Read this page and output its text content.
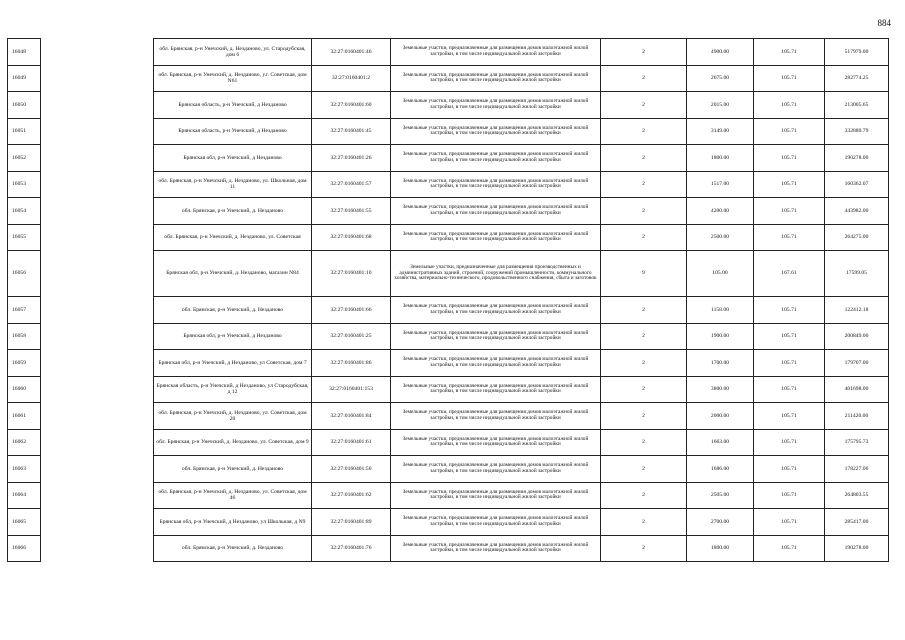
884
16048		обл. Брянская, р-н Унечский, д. Незданово, ул. Стародубская, дом 6	32:27:0160401:46	Земельные участки, предназначенные для размещения домов малоэтажной жилой застройки, в том числе индивидуальной жилой застройки	2	4900.00	105.71	517979.00
16049		обл. Брянская, р-н Унечский, д. Незданово, у.г. Советская, дом N61	32:27:0160401:2	Земельные участки, предназначенные для размещения домов малоэтажной жилой застройки, в том числе индивидуальной жилой застройки	2	2675.00	105.71	282774.25
16050		Брянская область, р-н Унечский, д Незданово	32:27:0160401:60	Земельные участки, предназначенные для размещения домов малоэтажной жилой застройки, в том числе индивидуальной жилой застройки	2	2015.00	105.71	213005.65
16051		Брянская область, р-н Унечский, д Незданово	32:27:0160401:45	Земельные участки, предназначенные для размещения домов малоэтажной жилой застройки, в том числе индивидуальной жилой застройки	2	3149.00	105.71	332880.79
16052		Брянская обл, р-н Унечский, д Незданово	32:27:0160401:26	Земельные участки, предназначенные для размещения домов малоэтажной жилой застройки, в том числе индивидуальной жилой застройки	2	1800.00	105.71	190278.00
16053		обл. Брянская, р-н Унечский, д. Незданово, ул. Школьная, дом 11	32:27:0160401:57	Земельные участки, предназначенные для размещения домов малоэтажной жилой застройки, в том числе индивидуальной жилой застройки	2	1517.00	105.71	160362.07
16054		обл. Брянская, р-н Унечский, д. Незданово	32:27:0160401:55	Земельные участки, предназначенные для размещения домов малоэтажной жилой застройки, в том числе индивидуальной жилой застройки	2	4200.00	105.71	443982.00
16055		обл. Брянская, р-н Унечский, д. Незданово, ул. Советская	32:27:0160401:68	Земельные участки, предназначенные для размещения домов малоэтажной жилой застройки, в том числе индивидуальной жилой застройки	2	2500.00	105.71	264275.00
16056		Брянская обл, р-н Унечский, д. Незданово, магазин N84	32:27:0160401:10	Земельные участки, предназначенные для размещения производственных и административных зданий, строений, сооружений промышленности, коммунального хозяйства, материально-технического, продовольственного снабжения, сбыта и заготовок	9	105.00	167.61	17599.05
16057		обл. Брянская, р-н Унечский, д. Незданово	32:27:0160401:66	Земельные участки, предназначенные для размещения домов малоэтажной жилой застройки, в том числе индивидуальной жилой застройки	2	1158.00	105.71	122412.18
16058		Брянская обл, р-н Унечский, д Незданово	32:27:0160401:25	Земельные участки, предназначенные для размещения домов малоэтажной жилой застройки, в том числе индивидуальной жилой застройки	2	1900.00	105.71	200849.00
16059		Брянская обл, р-н Унечский, д Незданово, ул Советская, дом 7	32:27:0160401:86	Земельные участки, предназначенные для размещения домов малоэтажной жилой застройки, в том числе индивидуальной жилой застройки	2	1700.00	105.71	179707.00
16060		Брянская область, р-н Унечский, д Незданово, ул Стародубская, д 12	32:27:0160401:153	Земельные участки, предназначенные для размещения домов малоэтажной жилой застройки, в том числе индивидуальной жилой застройки	2	3800.00	105.71	401698.00
16061		обл. Брянская, р-н Унечский, д. Незданово, ул. Советская, дом 20	32:27:0160401:84	Земельные участки, предназначенные для размещения домов малоэтажной жилой застройки, в том числе индивидуальной жилой застройки	2	2000.00	105.71	211420.00
16062		обл. Брянская, р-н Унечский, д. Незданово, ул. Советская, дом 9	32:27:0160401:61	Земельные участки, предназначенные для размещения домов малоэтажной жилой застройки, в том числе индивидуальной жилой застройки	2	1663.00	105.71	175795.73
16063		обл. Брянская, р-н Унечский, д. Незданово	32:27:0160401:50	Земельные участки, предназначенные для размещения домов малоэтажной жилой застройки, в том числе индивидуальной жилой застройки	2	1686.00	105.71	178227.06
16064		обл. Брянская, р-н Унечский, д. Незданово, ул. Советская, дом 46	32:27:0160401:62	Земельные участки, предназначенные для размещения домов малоэтажной жилой застройки, в том числе индивидуальной жилой застройки	2	2505.00	105.71	264803.55
16065		Брянская обл, р-н Унечский, д Незданово, ул Школьная, д N9	32:27:0160401:89	Земельные участки, предназначенные для размещения домов малоэтажной жилой застройки, в том числе индивидуальной жилой застройки	2	2700.00	105.71	285417.00
16066		обл. Брянская, р-н Унечский, д. Незданово	32:27:0160401:76	Земельные участки, предназначенные для размещения домов малоэтажной жилой застройки, в том числе индивидуальной жилой застройки	2	1800.00	105.71	190278.00
